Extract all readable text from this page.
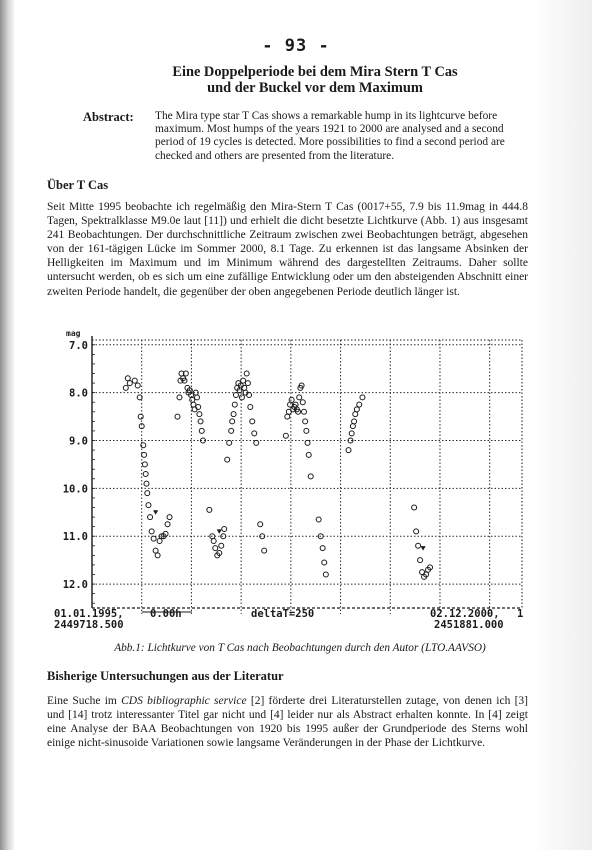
- 93 -
Eine Doppelperiode bei dem Mira Stern T Cas
und der Buckel vor dem Maximum
Abstract: The Mira type star T Cas shows a remarkable hump in its lightcurve before maximum. Most humps of the years 1921 to 2000 are analysed and a second period of 19 cycles is detected. More possibilities to find a second period are checked and others are presented from the literature.
Über T Cas

Seit Mitte 1995 beobachte ich regelmäßig den Mira-Stern T Cas (0017+55, 7.9 bis 11.9mag in 444.8 Tagen, Spektralklasse M9.0e laut [11]) und erhielt die dicht besetzte Lichtkurve (Abb. 1) aus insgesamt 241 Beobachtungen. Der durchschnittliche Zeitraum zwischen zwei Beobachtungen beträgt, abgesehen von der 161-tägigen Lücke im Sommer 2000, 8.1 Tage. Zu erkennen ist das langsame Absinken der Helligkeiten im Maximum und im Minimum während des dargestellten Zeitraums. Daher sollte untersucht werden, ob es sich um eine zufällige Entwicklung oder um den absteigenden Abschnitt einer zweiten Periode handelt, die gegenüber der oben angegebenen Periode deutlich länger ist.

mag
7.0
8.0
9.0
10.0
11.0
12.0
01.01.1995,
2449718.500
0.00h	deltaT=250	02.12.2000, 1
2451881.000
Abb.1: Lichtkurve von T Cas nach Beobachtungen durch den Autor (LTO.AAVSO)
Bisherige Untersuchungen aus der Literatur

Eine Suche im CDS bibliographic service [2] förderte drei Literaturstellen zutage, von denen ich [3] und [14] trotz interessanter Titel gar nicht und [4] leider nur als Abstract erhalten konnte. In [4] zeigt eine Analyse der BAA Beobachtungen von 1920 bis 1995 außer der Grundperiode des Sterns wohl einige nicht-sinusoide Variationen sowie langsame Veränderungen in der Phase der Lichtkurve.
